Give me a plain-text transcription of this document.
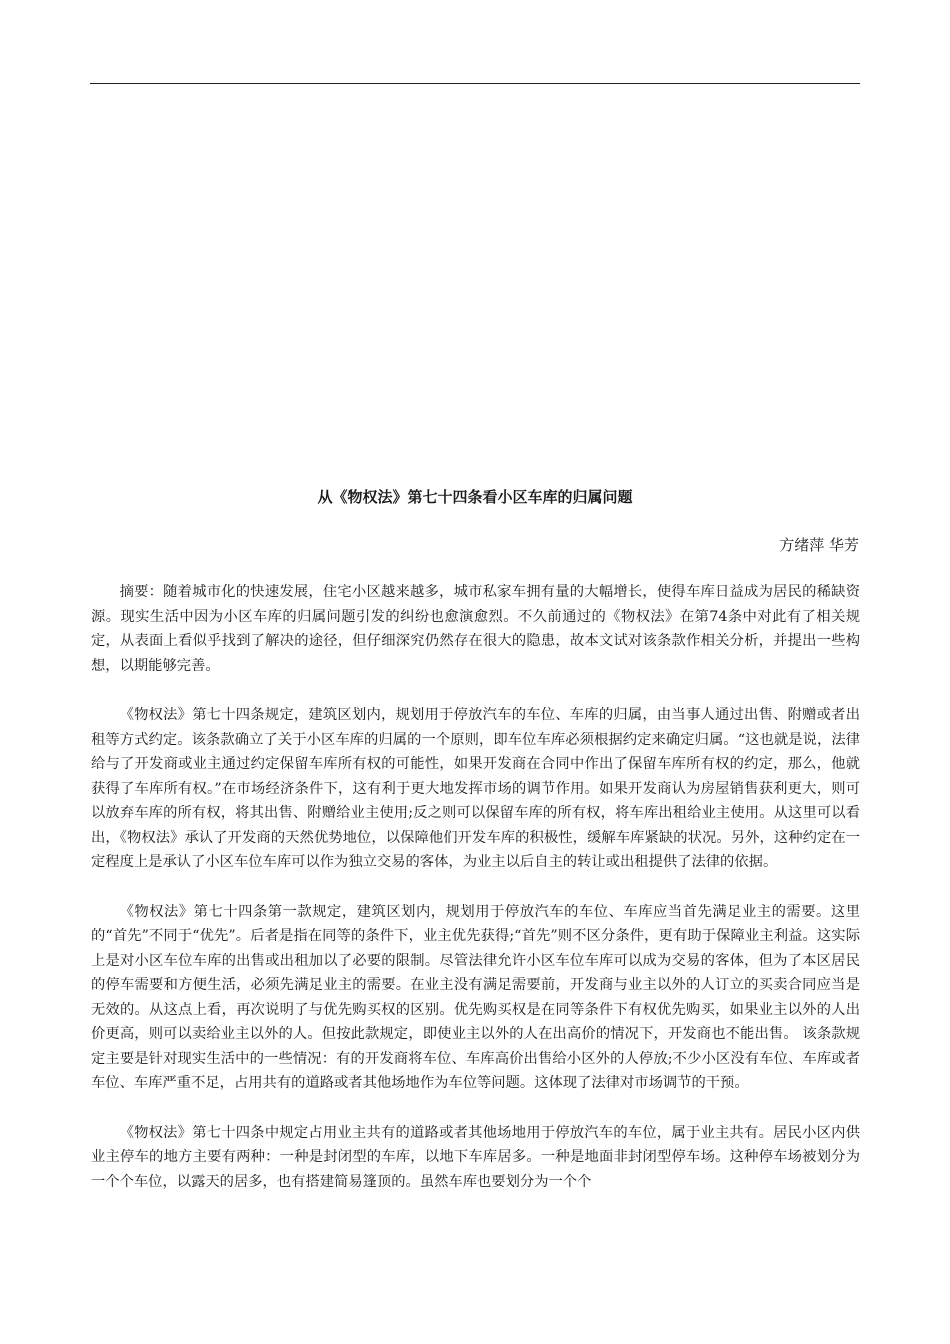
从《物权法》第七十四条看小区车库的归属问题

方绪萍 华芳

摘要：随着城市化的快速发展，住宅小区越来越多，城市私家车拥有量的大幅增长，使得车库日益成为居民的稀缺资源。现实生活中因为小区车库的归属问题引发的纠纷也愈演愈烈。不久前通过的《物权法》在第74条中对此有了相关规定，从表面上看似乎找到了解决的途径，但仔细深究仍然存在很大的隐患，故本文试对该条款作相关分析，并提出一些构想，以期能够完善。

《物权法》第七十四条规定，建筑区划内，规划用于停放汽车的车位、车库的归属，由当事人通过出售、附赠或者出租等方式约定。该条款确立了关于小区车库的归属的一个原则，即车位车库必须根据约定来确定归属。“这也就是说，法律给与了开发商或业主通过约定保留车库所有权的可能性，如果开发商在合同中作出了保留车库所有权的约定，那么，他就获得了车库所有权。”在市场经济条件下，这有利于更大地发挥市场的调节作用。如果开发商认为房屋销售获利更大，则可以放弃车库的所有权，将其出售、附赠给业主使用;反之则可以保留车库的所有权，将车库出租给业主使用。从这里可以看出，《物权法》承认了开发商的天然优势地位，以保障他们开发车库的积极性，缓解车库紧缺的状况。另外，这种约定在一定程度上是承认了小区车位车库可以作为独立交易的客体，为业主以后自主的转让或出租提供了法律的依据。

《物权法》第七十四条第一款规定，建筑区划内，规划用于停放汽车的车位、车库应当首先满足业主的需要。这里的“首先”不同于“优先”。后者是指在同等的条件下，业主优先获得;“首先”则不区分条件，更有助于保障业主利益。这实际上是对小区车位车库的出售或出租加以了必要的限制。尽管法律允许小区车位车库可以成为交易的客体，但为了本区居民的停车需要和方便生活，必须先满足业主的需要。在业主没有满足需要前，开发商与业主以外的人订立的买卖合同应当是无效的。从这点上看，再次说明了与优先购买权的区别。优先购买权是在同等条件下有权优先购买，如果业主以外的人出价更高，则可以卖给业主以外的人。但按此款规定，即使业主以外的人在出高价的情况下，开发商也不能出售。 该条款规定主要是针对现实生活中的一些情况：有的开发商将车位、车库高价出售给小区外的人停放;不少小区没有车位、车库或者车位、车库严重不足，占用共有的道路或者其他场地作为车位等问题。这体现了法律对市场调节的干预。

《物权法》第七十四条中规定占用业主共有的道路或者其他场地用于停放汽车的车位，属于业主共有。居民小区内供业主停车的地方主要有两种：一种是封闭型的车库，以地下车库居多。一种是地面非封闭型停车场。这种停车场被划分为一个个车位，以露天的居多，也有搭建简易篷顶的。虽然车库也要划分为一个个
